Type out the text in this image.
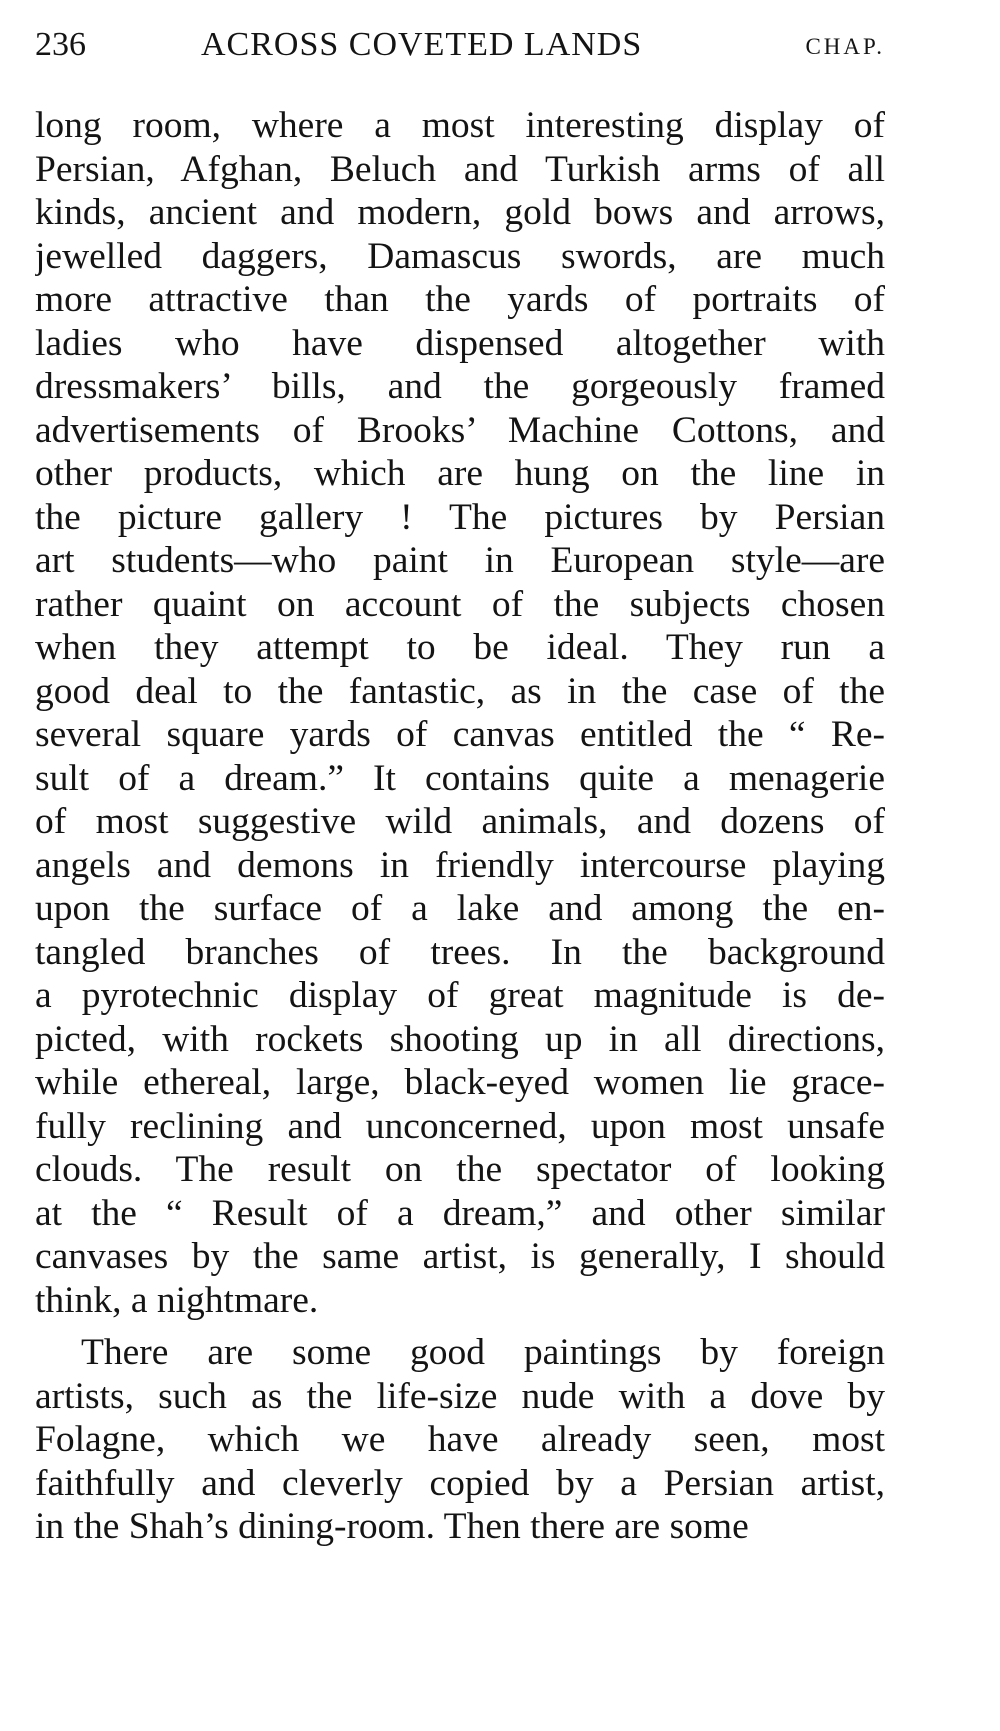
236	ACROSS COVETED LANDS	CHAP.
long room, where a most interesting display of
Persian, Afghan, Beluch and Turkish arms of all
kinds, ancient and modern, gold bows and arrows,
jewelled daggers, Damascus swords, are much
more attractive than the yards of portraits of
ladies who have dispensed altogether with
dressmakers’ bills, and the gorgeously framed
advertisements of Brooks’ Machine Cottons, and
other products, which are hung on the line in
the picture gallery ! The pictures by Persian
art students—who paint in European style—are
rather quaint on account of the subjects chosen
when they attempt to be ideal. They run a
good deal to the fantastic, as in the case of the
several square yards of canvas entitled the “ Re-
sult of a dream.” It contains quite a menagerie
of most suggestive wild animals, and dozens of
angels and demons in friendly intercourse playing
upon the surface of a lake and among the en-
tangled branches of trees. In the background
a pyrotechnic display of great magnitude is de-
picted, with rockets shooting up in all directions,
while ethereal, large, black-eyed women lie grace-
fully reclining and unconcerned, upon most unsafe
clouds. The result on the spectator of looking
at the “ Result of a dream,” and other similar
canvases by the same artist, is generally, I should
think, a nightmare.
There are some good paintings by foreign
artists, such as the life-size nude with a dove by
Folagne, which we have already seen, most
faithfully and cleverly copied by a Persian artist,
in the Shah’s dining-room. Then there are some
